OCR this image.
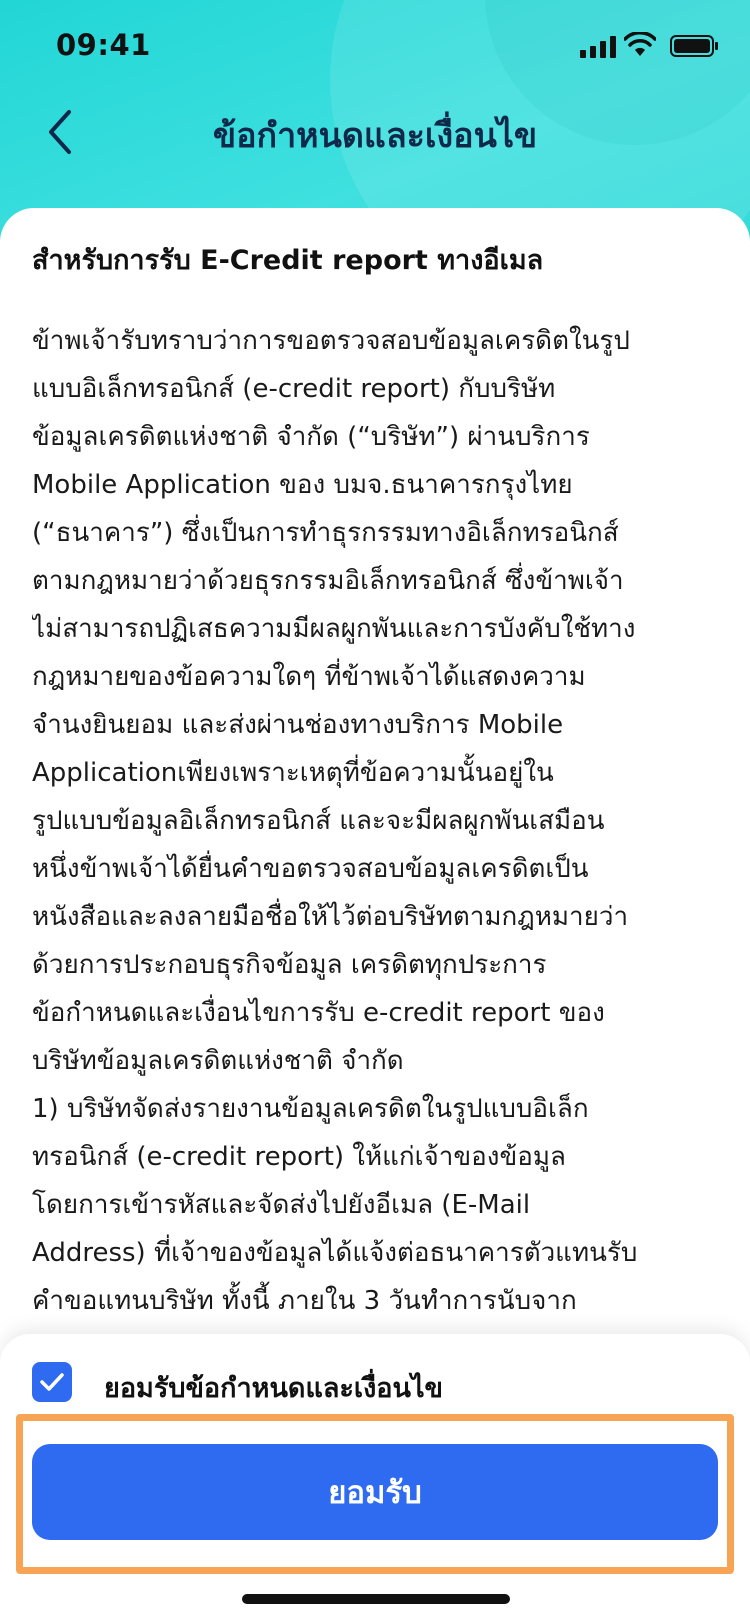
09:41
ข้อกำหนดและเงื่อนไข
สำหรับการรับ E-Credit report ทางอีเมล
ข้าพเจ้ารับทราบว่าการขอตรวจสอบข้อมูลเครดิตในรูป
แบบอิเล็กทรอนิกส์ (e-credit report) กับบริษัท
ข้อมูลเครดิตแห่งชาติ จำกัด (“บริษัท”) ผ่านบริการ
Mobile Application ของ บมจ.ธนาคารกรุงไทย
(“ธนาคาร”) ซึ่งเป็นการทำธุรกรรมทางอิเล็กทรอนิกส์
ตามกฎหมายว่าด้วยธุรกรรมอิเล็กทรอนิกส์ ซึ่งข้าพเจ้า
ไม่สามารถปฏิเสธความมีผลผูกพันและการบังคับใช้ทาง
กฎหมายของข้อความใดๆ ที่ข้าพเจ้าได้แสดงความ
จำนงยินยอม และส่งผ่านช่องทางบริการ Mobile
Applicationเพียงเพราะเหตุที่ข้อความนั้นอยู่ใน
รูปแบบข้อมูลอิเล็กทรอนิกส์ และจะมีผลผูกพันเสมือน
หนึ่งข้าพเจ้าได้ยื่นคำขอตรวจสอบข้อมูลเครดิตเป็น
หนังสือและลงลายมือชื่อให้ไว้ต่อบริษัทตามกฎหมายว่า
ด้วยการประกอบธุรกิจข้อมูล เครดิตทุกประการ
ข้อกำหนดและเงื่อนไขการรับ e-credit report ของ
บริษัทข้อมูลเครดิตแห่งชาติ จำกัด
1) บริษัทจัดส่งรายงานข้อมูลเครดิตในรูปแบบอิเล็ก
ทรอนิกส์ (e-credit report) ให้แก่เจ้าของข้อมูล
โดยการเข้ารหัสและจัดส่งไปยังอีเมล (E-Mail
Address) ที่เจ้าของข้อมูลได้แจ้งต่อธนาคารตัวแทนรับ
คำขอแทนบริษัท ทั้งนี้ ภายใน 3 วันทำการนับจาก
ยอมรับข้อกำหนดและเงื่อนไข
ยอมรับ
